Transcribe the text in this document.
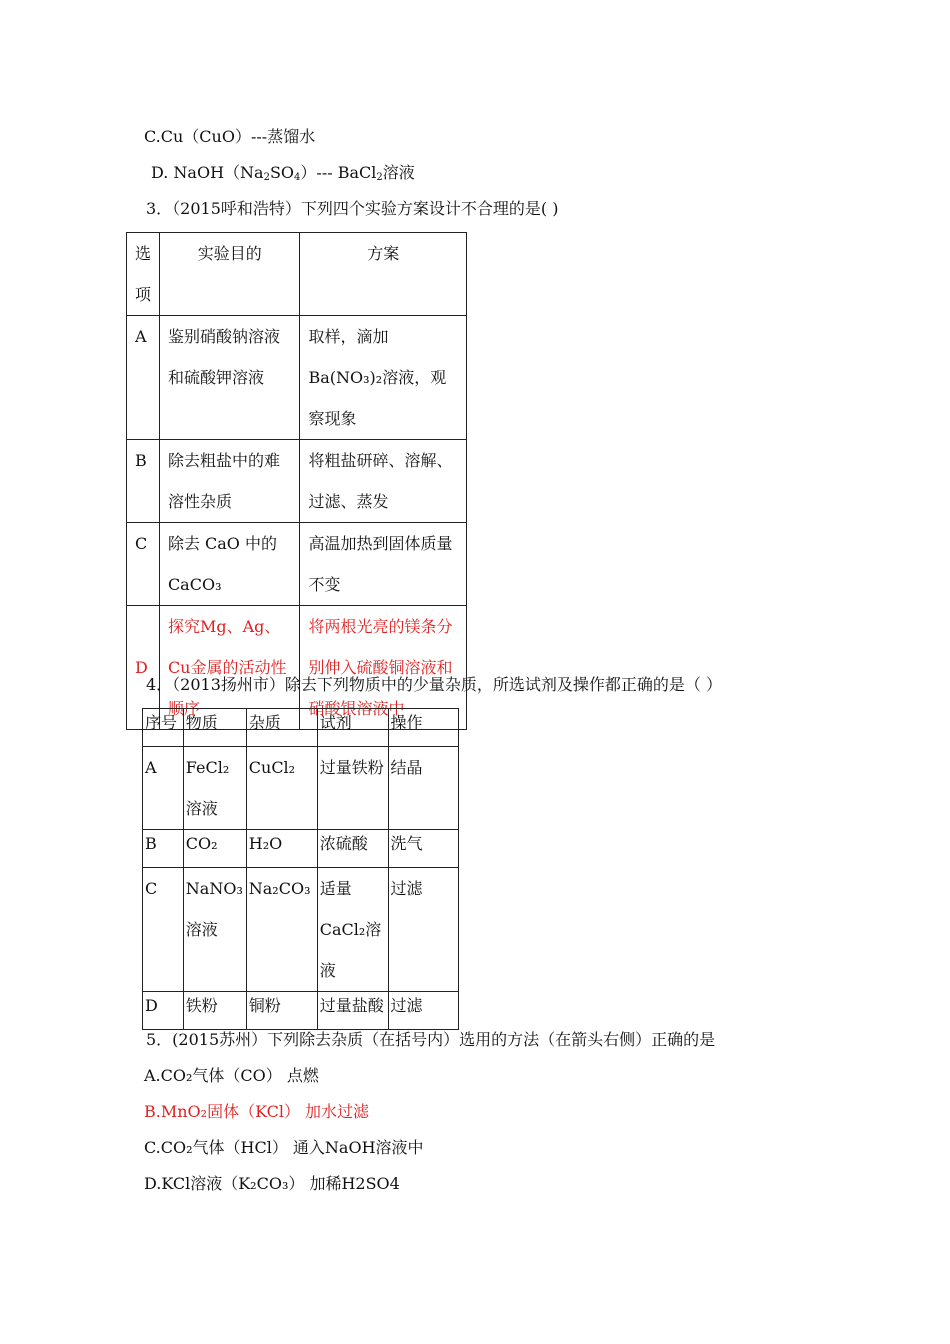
C.Cu（CuO）---蒸馏水
D. $NaOH(Na_2SO_4)---$ BaCl$_2$溶液
3．（2015呼和浩特）下列四个实验方案设计不合理的是( )
选项	实验目的	方案
A	鉴别硝酸钠溶液和硫酸钾溶液	取样，滴加Ba(NO₃)₂溶液，观察现象
B	除去粗盐中的难溶性杂质	将粗盐研碎、溶解、过滤、蒸发
C	除去 CaO 中的CaCO₃	高温加热到固体质量不变
D	探究Mg、Ag、Cu金属的活动性顺序	将两根光亮的镁条分别伸入硫酸铜溶液和硝酸银溶液中
4．（2013扬州市）除去下列物质中的少量杂质，所选试剂及操作都正确的是（ ）
序号	物质	杂质	试剂	操作
A	FeCl₂溶液	CuCl₂	过量铁粉	结晶
B	CO₂	H₂O	浓硫酸	洗气
C	NaNO₃溶液	Na₂CO₃	适量CaCl₂溶液	过滤
D	铁粉	铜粉	过量盐酸	过滤
5．(2015苏州）下列除去杂质（在括号内）选用的方法（在箭头右侧）正确的是
A.CO₂气体（CO） 点燃
B.MnO₂固体（KCl） 加水过滤
C.CO₂气体（HCl） 通入NaOH溶液中
D.KCl溶液（K₂CO₃） 加稀H2SO4
